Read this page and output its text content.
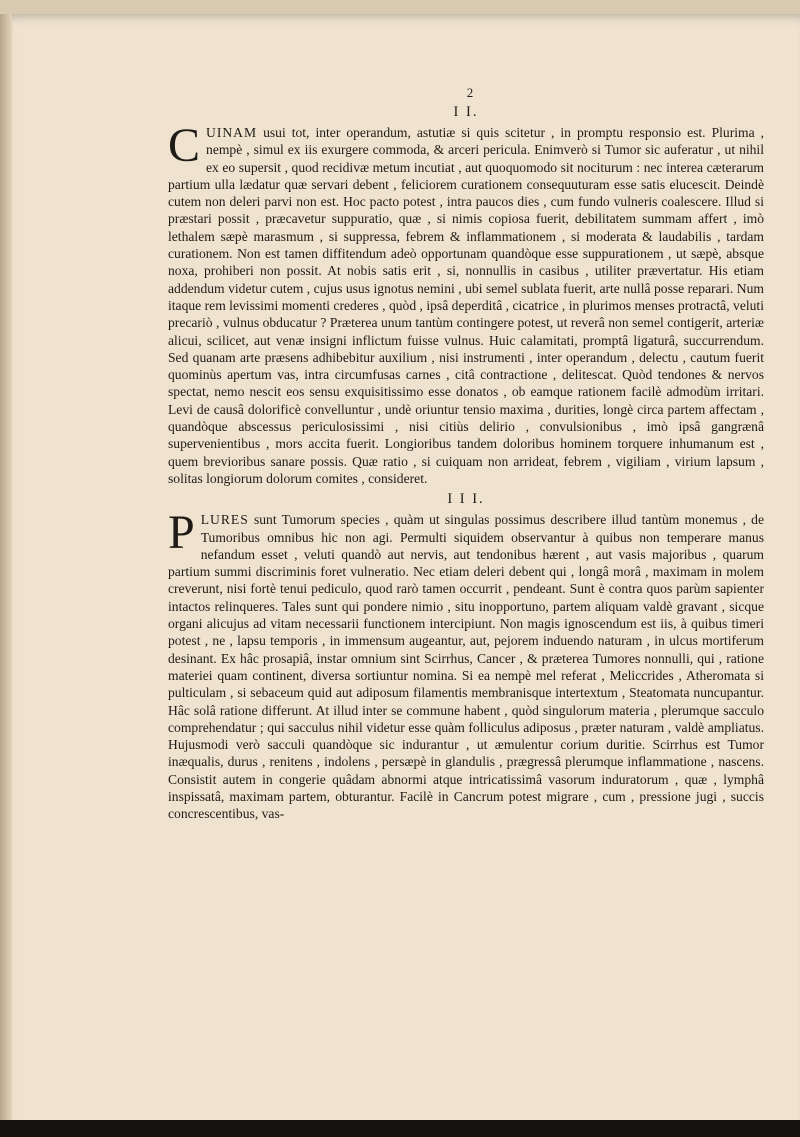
2
I I.

CUINAM usui tot, inter operandum, astutiæ si quis scitetur , in promptu responsio est. Plurima , nempè , simul ex iis exurgere commoda, & arceri pericula. Enimverò si Tumor sic auferatur , ut nihil ex eo supersit , quod recidivæ metum incutiat , aut quoquomodo sit nociturum : nec interea cæterarum partium ulla lædatur quæ servari debent , feliciorem curationem consequuturam esse satis elucescit. Deindè cutem non deleri parvi non est. Hoc pacto potest , intra paucos dies , cum fundo vulneris coalescere. Illud si præstari possit , præcavetur suppuratio, quæ , si nimis copiosa fuerit, debilitatem summam affert , imò lethalem sæpè marasmum , si suppressa, febrem & inflammationem , si moderata & laudabilis , tardam curationem. Non est tamen diffitendum adeò opportunam quandòque esse suppurationem , ut sæpè, absque noxa, prohiberi non possit. At nobis satis erit , si, nonnullis in casibus , utiliter prævertatur. His etiam addendum videtur cutem , cujus usus ignotus nemini , ubi semel sublata fuerit, arte nullâ posse reparari. Num itaque rem levissimi momenti crederes , quòd , ipsâ deperditâ , cicatrice , in plurimos menses protractâ, veluti precariò , vulnus obducatur ? Præterea unum tantùm contingere potest, ut reverâ non semel contigerit, arteriæ alicui, scilicet, aut venæ insigni inflictum fuisse vulnus. Huic calamitati, promptâ ligaturâ, succurrendum. Sed quanam arte præsens adhibebitur auxilium , nisi instrumenti , inter operandum , delectu , cautum fuerit quominùs apertum vas, intra circumfusas carnes , citâ contractione , delitescat. Quòd tendones & nervos spectat, nemo nescit eos sensu exquisitissimo esse donatos , ob eamque rationem facilè admodùm irritari. Levi de causâ dolorificè convelluntur , undè oriuntur tensio maxima , durities, longè circa partem affectam , quandòque abscessus periculosissimi , nisi citiùs delirio , convulsionibus , imò ipsâ gangrænâ supervenientibus , mors accita fuerit. Longioribus tandem doloribus hominem torquere inhumanum est , quem brevioribus sanare possis. Quæ ratio , si cuiquam non arrideat, febrem , vigiliam , virium lapsum , solitas longiorum dolorum comites , consideret.

I I I.

PLURES sunt Tumorum species , quàm ut singulas possimus describere illud tantùm monemus , de Tumoribus omnibus hic non agi. Permulti siquidem observantur à quibus non temperare manus nefandum esset , veluti quandò aut nervis, aut tendonibus hærent , aut vasis majoribus , quarum partium summi discriminis foret vulneratio. Nec etiam deleri debent qui , longâ morâ , maximam in molem creverunt, nisi fortè tenui pediculo, quod rarò tamen occurrit , pendeant. Sunt è contra quos parùm sapienter intactos relinqueres. Tales sunt qui pondere nimio , situ inopportuno, partem aliquam valdè gravant , sicque organi alicujus ad vitam necessarii functionem intercipiunt. Non magis ignoscendum est iis, à quibus timeri potest , ne , lapsu temporis , in immensum augeantur, aut, pejorem induendo naturam , in ulcus mortiferum desinant. Ex hâc prosapiâ, instar omnium sint Scirrhus, Cancer , & præterea Tumores nonnulli, qui , ratione materiei quam continent, diversa sortiuntur nomina. Si ea nempè mel referat , Meliccrides , Atheromata si pulticulam , si sebaceum quid aut adiposum filamentis membranisque intertextum , Steatomata nuncupantur. Hâc solâ ratione differunt. At illud inter se commune habent , quòd singulorum materia , plerumque sacculo comprehendatur ; qui sacculus nihil videtur esse quàm folliculus adiposus , præter naturam , valdè ampliatus. Hujusmodi verò sacculi quandòque sic indurantur , ut æmulentur corium duritie. Scirrhus est Tumor inæqualis, durus , renitens , indolens , persæpè in glandulis , prægressâ plerumque inflammatione , nascens. Consistit autem in congerie quâdam abnormi atque intricatissimâ vasorum induratorum , quæ , lymphâ inspissatâ, maximam partem, obturantur. Facilè in Cancrum potest migrare , cum , pressione jugi , succis concrescentibus, vas-
